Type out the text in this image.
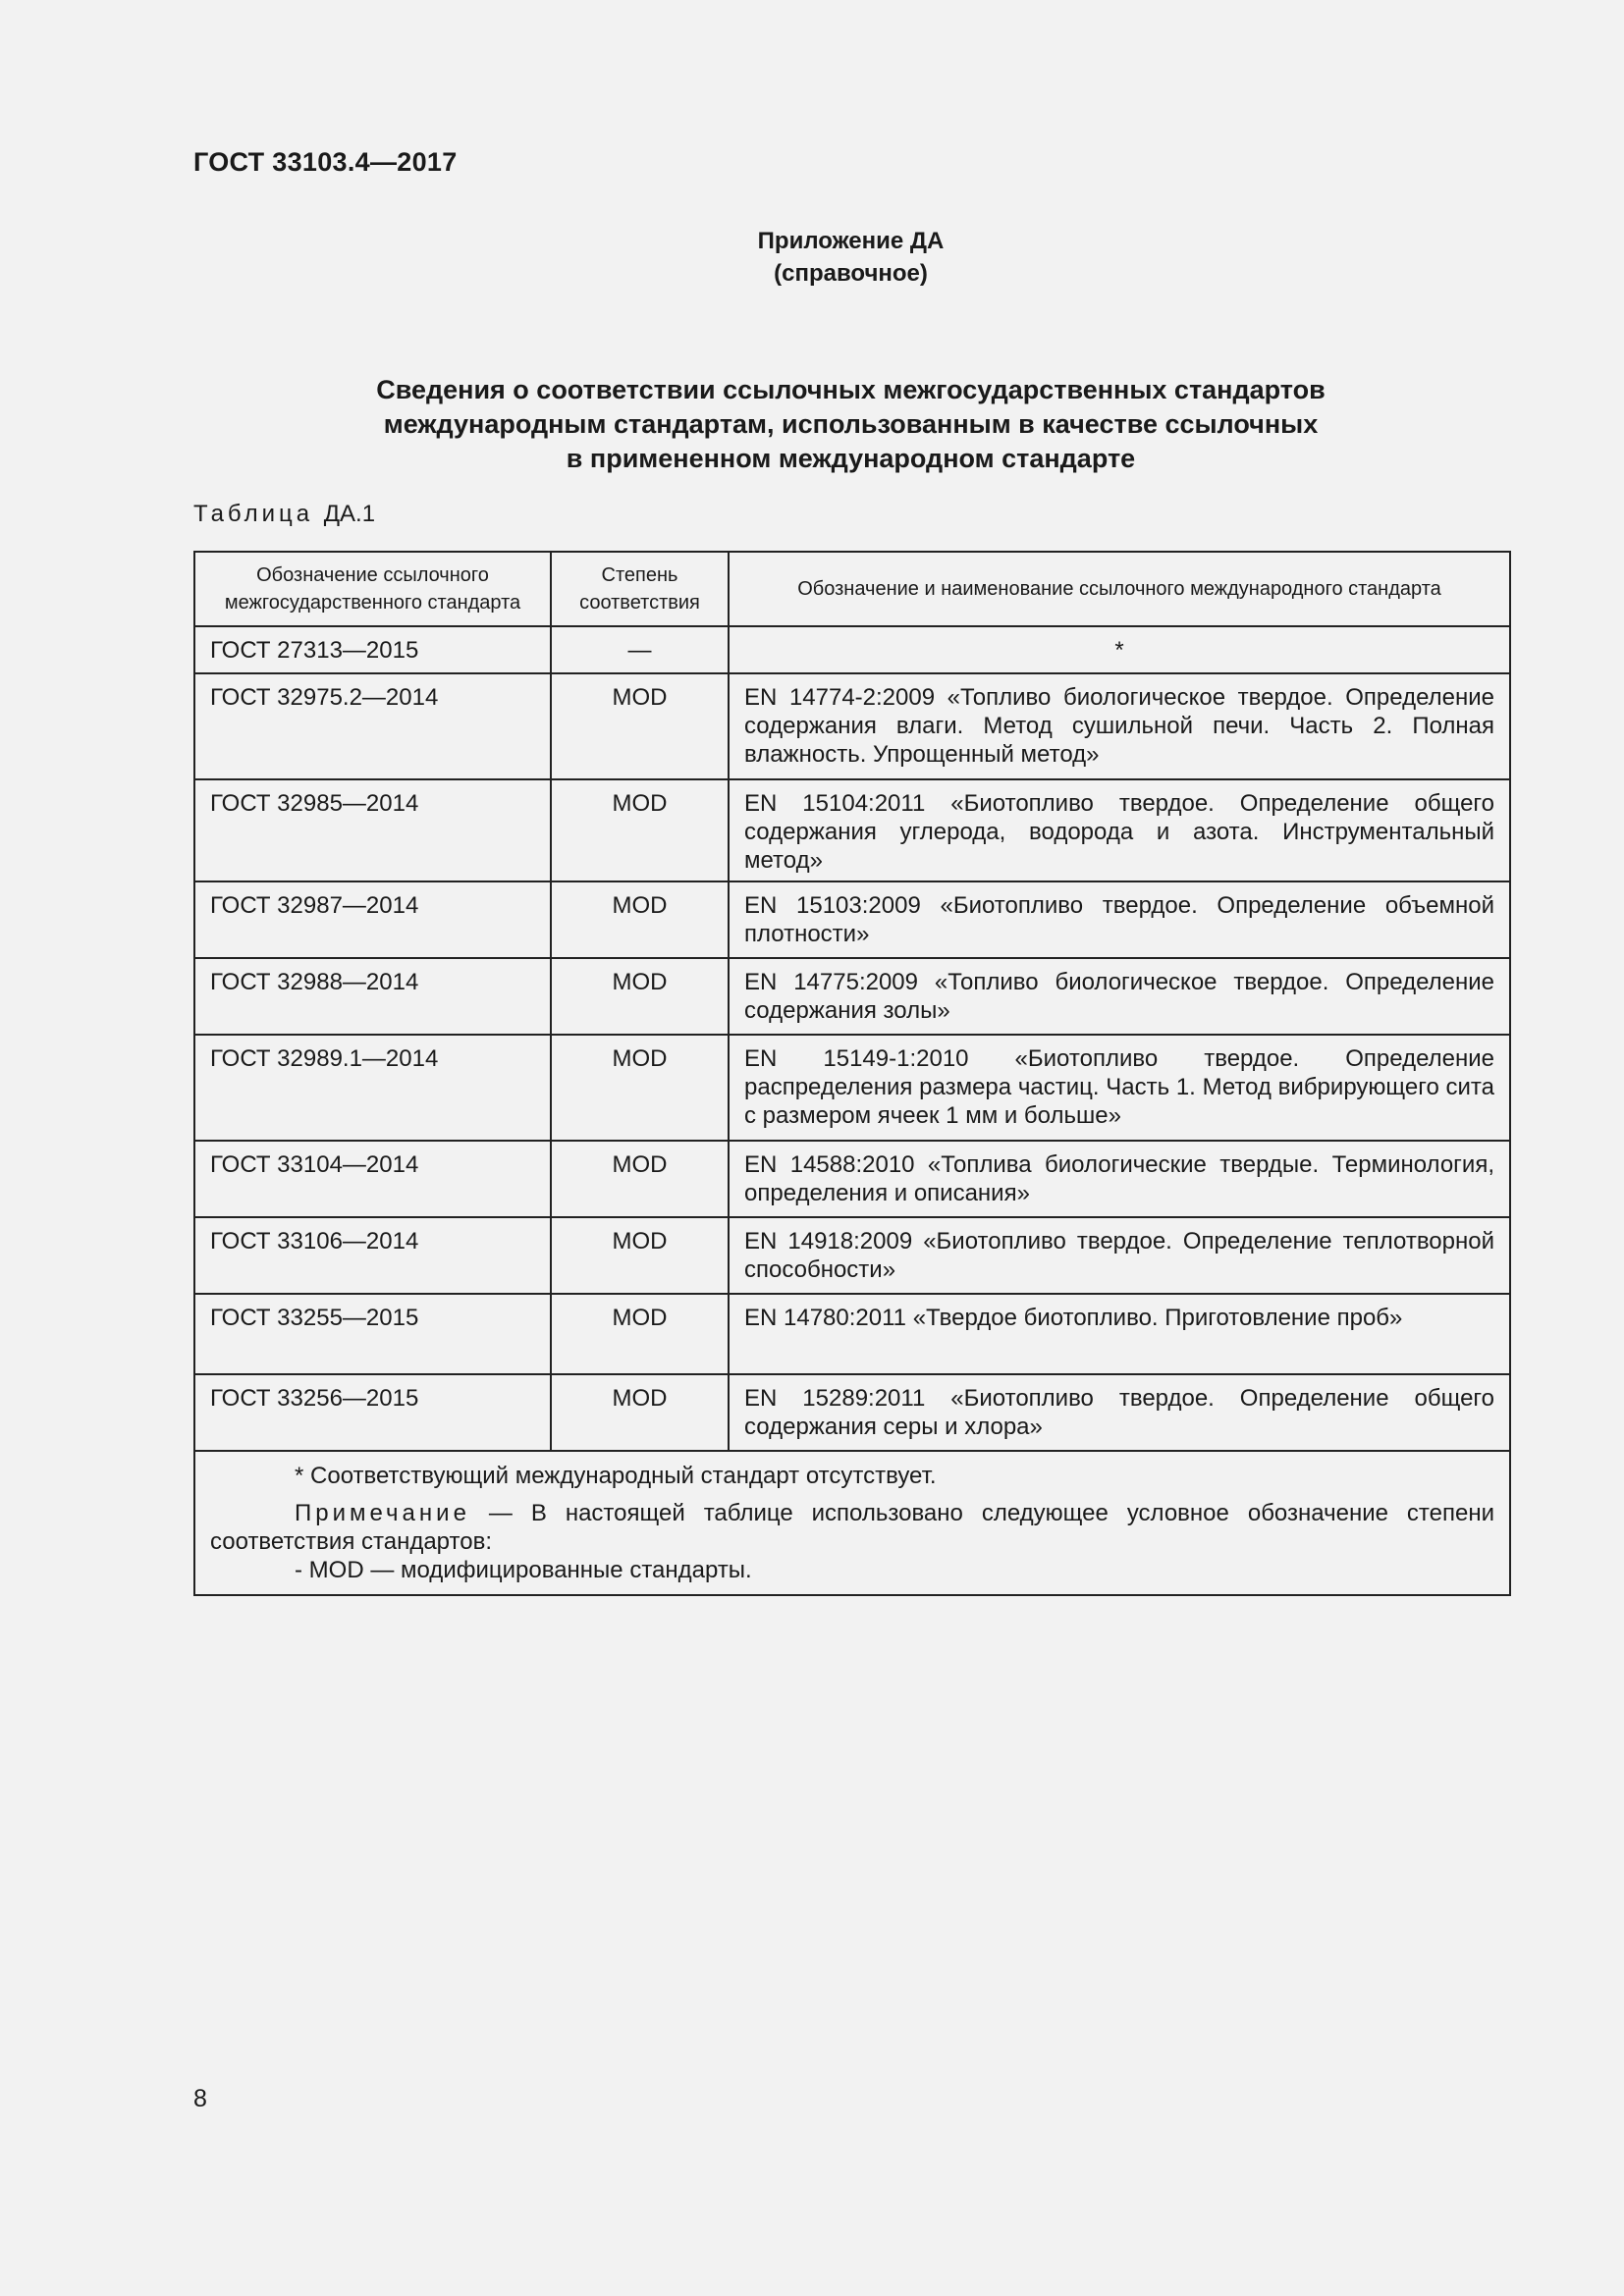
ГОСТ 33103.4—2017
Приложение ДА
(справочное)
Сведения о соответствии ссылочных межгосударственных стандартов
международным стандартам, использованным в качестве ссылочных
в примененном международном стандарте
Таблица ДА.1
Обозначение ссылочного межгосударственного стандарта	Степень соответствия	Обозначение и наименование ссылочного международного стандарта
ГОСТ 27313—2015	—	*
ГОСТ 32975.2—2014	MOD	EN 14774-2:2009 «Топливо биологическое твердое. Определение содержания влаги. Метод сушильной печи. Часть 2. Полная влажность. Упрощенный метод»
ГОСТ 32985—2014	MOD	EN 15104:2011 «Биотопливо твердое. Определение общего содержания углерода, водорода и азота. Инструментальный метод»
ГОСТ 32987—2014	MOD	EN 15103:2009 «Биотопливо твердое. Определение объемной плотности»
ГОСТ 32988—2014	MOD	EN 14775:2009 «Топливо биологическое твердое. Определение содержания золы»
ГОСТ 32989.1—2014	MOD	EN 15149-1:2010 «Биотопливо твердое. Определение распределения размера частиц. Часть 1. Метод вибрирующего сита с размером ячеек 1 мм и больше»
ГОСТ 33104—2014	MOD	EN 14588:2010 «Топлива биологические твердые. Терминология, определения и описания»
ГОСТ 33106—2014	MOD	EN 14918:2009 «Биотопливо твердое. Определение теплотворной способности»
ГОСТ 33255—2015	MOD	EN 14780:2011 «Твердое биотопливо. Приготовление проб»
ГОСТ 33256—2015	MOD	EN 15289:2011 «Биотопливо твердое. Определение общего содержания серы и хлора»

* Соответствующий международный стандарт отсутствует.

Примечание — В настоящей таблице использовано следующее условное обозначение степени соответствия стандартов:

- MOD — модифицированные стандарты.		

8
